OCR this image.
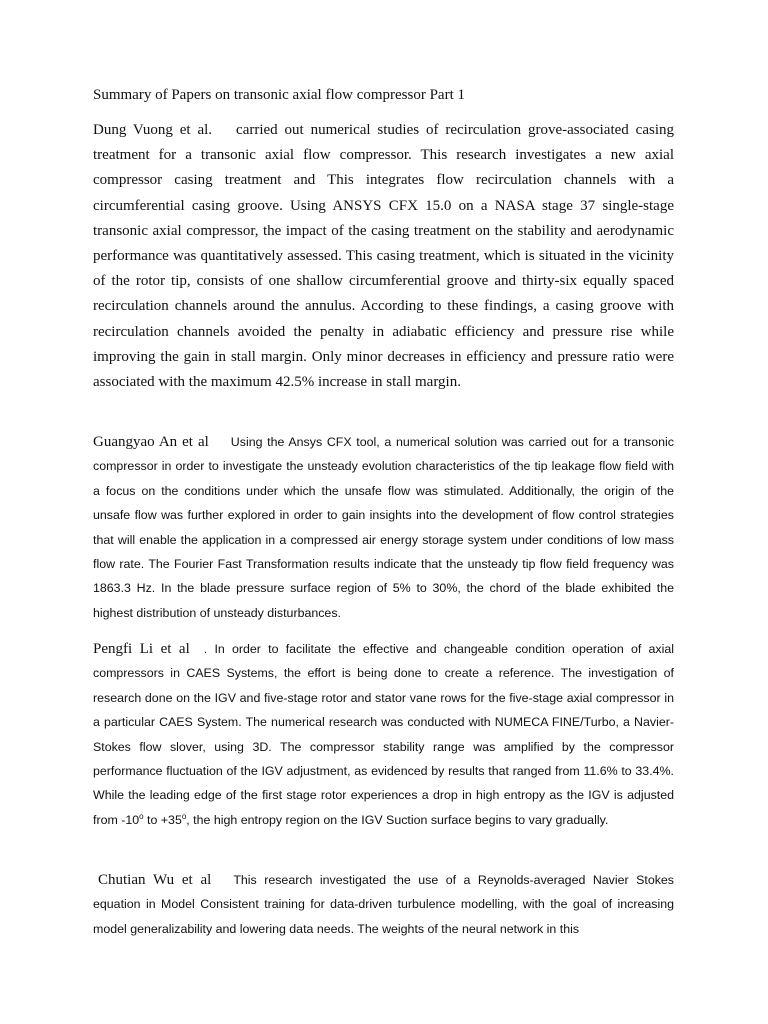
Summary of Papers on transonic axial flow compressor Part 1

Dung Vuong et al. carried out numerical studies of recirculation grove-associated casing treatment for a transonic axial flow compressor. This research investigates a new axial compressor casing treatment and This integrates flow recirculation channels with a circumferential casing groove. Using ANSYS CFX 15.0 on a NASA stage 37 single-stage transonic axial compressor, the impact of the casing treatment on the stability and aerodynamic performance was quantitatively assessed. This casing treatment, which is situated in the vicinity of the rotor tip, consists of one shallow circumferential groove and thirty-six equally spaced recirculation channels around the annulus. According to these findings, a casing groove with recirculation channels avoided the penalty in adiabatic efficiency and pressure rise while improving the gain in stall margin. Only minor decreases in efficiency and pressure ratio were associated with the maximum 42.5% increase in stall margin.

Guangyao An et al Using the Ansys CFX tool, a numerical solution was carried out for a transonic compressor in order to investigate the unsteady evolution characteristics of the tip leakage flow field with a focus on the conditions under which the unsafe flow was stimulated. Additionally, the origin of the unsafe flow was further explored in order to gain insights into the development of flow control strategies that will enable the application in a compressed air energy storage system under conditions of low mass flow rate. The Fourier Fast Transformation results indicate that the unsteady tip flow field frequency was 1863.3 Hz. In the blade pressure surface region of 5% to 30%, the chord of the blade exhibited the highest distribution of unsteady disturbances.

Pengfi Li et al . In order to facilitate the effective and changeable condition operation of axial compressors in CAES Systems, the effort is being done to create a reference. The investigation of research done on the IGV and five-stage rotor and stator vane rows for the five-stage axial compressor in a particular CAES System. The numerical research was conducted with NUMECA FINE/Turbo, a Navier-Stokes flow slover, using 3D. The compressor stability range was amplified by the compressor performance fluctuation of the IGV adjustment, as evidenced by results that ranged from 11.6% to 33.4%. While the leading edge of the first stage rotor experiences a drop in high entropy as the IGV is adjusted from -10$^o$ to $+35^o$, the high entropy region on the IGV Suction surface begins to vary gradually.

Chutian Wu et al This research investigated the use of a Reynolds-averaged Navier Stokes equation in Model Consistent training for data-driven turbulence modelling, with the goal of increasing model generalizability and lowering data needs. The weights of the neural network in this
